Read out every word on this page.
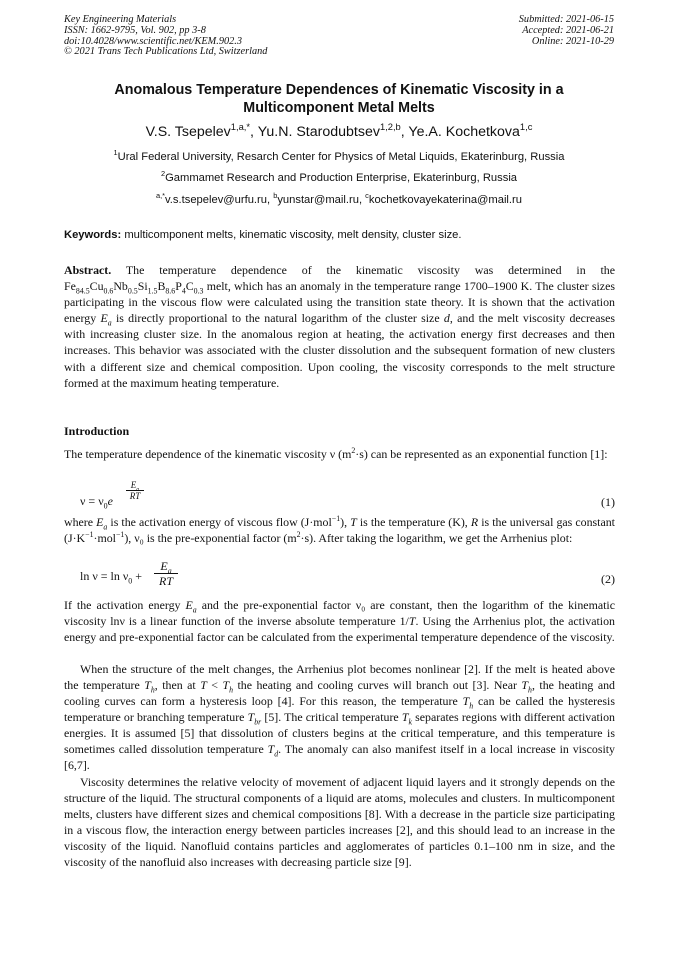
Key Engineering Materials
ISSN: 1662-9795, Vol. 902, pp 3-8
doi:10.4028/www.scientific.net/KEM.902.3
© 2021 Trans Tech Publications Ltd, Switzerland
Submitted: 2021-06-15
Accepted: 2021-06-21
Online: 2021-10-29
Anomalous Temperature Dependences of Kinematic Viscosity in a Multicomponent Metal Melts
V.S. Tsepelev$^{1,a,*}$, Yu.N. Starodubtsev$^{1,2,b}$, Ye.A. Kochetkova$^{1,c}$
$^1$Ural Federal University, Resarch Center for Physics of Metal Liquids, Ekaterinburg, Russia
$^2$Gammamet Research and Production Enterprise, Ekaterinburg, Russia
$^{a,*}$v.s.tsepelev@urfu.ru, $^b$yunstar@mail.ru, $^c$kochetkovayekaterina@mail.ru
Keywords: multicomponent melts, kinematic viscosity, melt density, cluster size.

Abstract. The temperature dependence of the kinematic viscosity was determined in the $Fe_{84.5}Cu_{0.6}Nb_{0.5}Si_{1.5}B_{8.6}P_4C_{0.3}$ melt, which has an anomaly in the temperature range 1700–1900 K. The cluster sizes participating in the viscous flow were calculated using the transition state theory. It is shown that the activation energy $E_a$ is directly proportional to the natural logarithm of the cluster size d, and the melt viscosity decreases with increasing cluster size. In the anomalous region at heating, the activation energy first decreases and then increases. This behavior was associated with the cluster dissolution and the subsequent formation of new clusters with a different size and chemical composition. Upon cooling, the viscosity corresponds to the melt structure formed at the maximum heating temperature.

Introduction

The temperature dependence of the kinematic viscosity ν $(m^2\cdot s)$ can be represented as an exponential function [1]:

$\nu = \nu_0e \frac{E_a}{RT}$
(1)

where $E_a$ is the activation energy of viscous flow (J·mol$^{-1}$), T is the temperature (K), R is the universal gas constant $(J\cdot K^{-1}\cdot mol^{-1})$, ν₀ is the pre-exponential factor $(m^2\cdot s)$. After taking the logarithm, we get the Arrhenius plot:

$\ln \nu = \ln \nu_0 + \frac{E_a}{RT}$	(2)

If the activation energy $E_a$ and the pre-exponential factor ν₀ are constant, then the logarithm of the kinematic viscosity lnν is a linear function of the inverse absolute temperature 1/T. Using the Arrhenius plot, the activation energy and pre-exponential factor can be calculated from the experimental temperature dependence of the viscosity.

When the structure of the melt changes, the Arrhenius plot becomes nonlinear [2]. If the melt is heated above the temperature $T_h$, then at $T < T_h$ the heating and cooling curves will branch out [3]. Near $T_h$, the heating and cooling curves can form a hysteresis loop [4]. For this reason, the temperature $T_h$ can be called the hysteresis temperature or branching temperature $T_{br}$ [5]. The critical temperature $T_k$ separates regions with different activation energies. It is assumed [5] that dissolution of clusters begins at the critical temperature, and this temperature is sometimes called dissolution temperature $T_d$. The anomaly can also manifest itself in a local increase in viscosity [6,7].

Viscosity determines the relative velocity of movement of adjacent liquid layers and it strongly depends on the structure of the liquid. The structural components of a liquid are atoms, molecules and clusters. In multicomponent melts, clusters have different sizes and chemical compositions [8]. With a decrease in the particle size participating in a viscous flow, the interaction energy between particles increases [2], and this should lead to an increase in the viscosity of the liquid. Nanofluid contains particles and agglomerates of particles 0.1–100 nm in size, and the viscosity of the nanofluid also increases with decreasing particle size [9].
